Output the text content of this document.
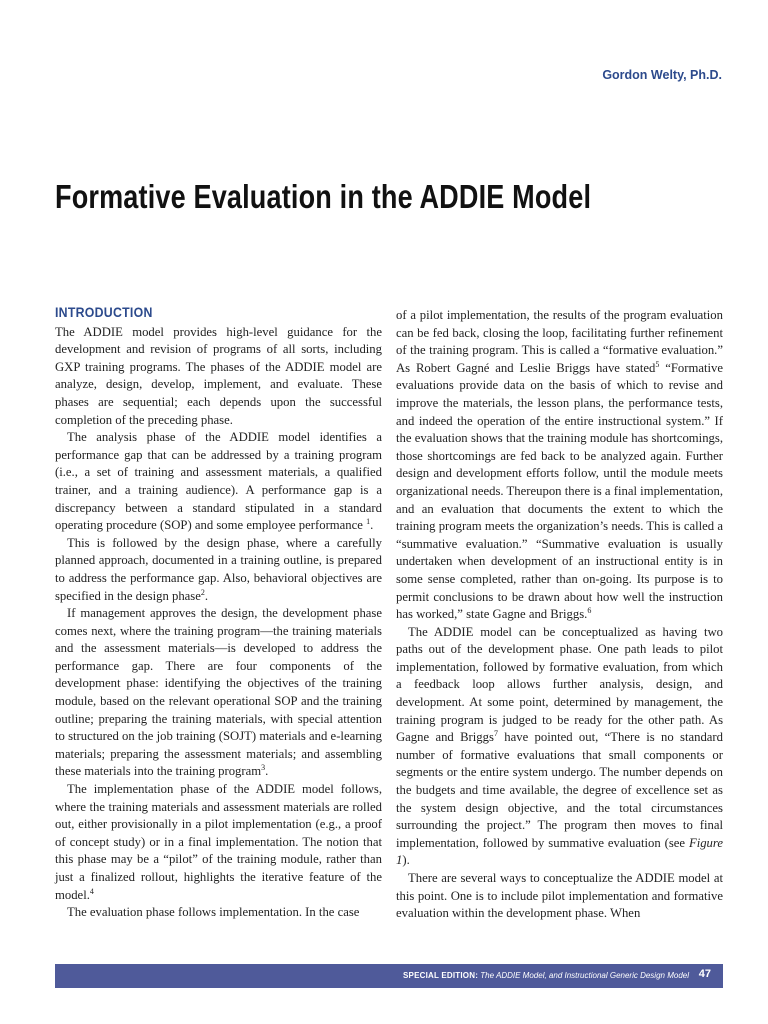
Gordon Welty, Ph.D.
Formative Evaluation in the ADDIE Model
INTRODUCTION

The ADDIE model provides high-level guidance for the development and revision of programs of all sorts, including GXP training programs. The phases of the ADDIE model are analyze, design, develop, implement, and evaluate. These phases are sequential; each depends upon the successful completion of the preceding phase.

The analysis phase of the ADDIE model identifies a performance gap that can be addressed by a training program (i.e., a set of training and assessment materials, a qualified trainer, and a training audience). A performance gap is a discrepancy between a standard stipulated in a standard operating procedure (SOP) and some employee performance $^1$.

This is followed by the design phase, where a carefully planned approach, documented in a training outline, is prepared to address the performance gap. Also, behavioral objectives are specified in the design phase$^2$.

If management approves the design, the development phase comes next, where the training program—the training materials and the assessment materials—is developed to address the performance gap. There are four components of the development phase: identifying the objectives of the training module, based on the relevant operational SOP and the training outline; preparing the training materials, with special attention to structured on the job training (SOJT) materials and e-learning materials; preparing the assessment materials; and assembling these materials into the training program$^3$.

The implementation phase of the ADDIE model follows, where the training materials and assessment materials are rolled out, either provisionally in a pilot implementation (e.g., a proof of concept study) or in a final implementation. The notion that this phase may be a “pilot” of the training module, rather than just a finalized rollout, highlights the iterative feature of the model.$^4$

The evaluation phase follows implementation. In the case

of a pilot implementation, the results of the program evaluation can be fed back, closing the loop, facilitating further refinement of the training program. This is called a “formative evaluation.” As Robert Gagné and Leslie Briggs have stated$^5$ “Formative evaluations provide data on the basis of which to revise and improve the materials, the lesson plans, the performance tests, and indeed the operation of the entire instructional system.” If the evaluation shows that the training module has shortcomings, those shortcomings are fed back to be analyzed again. Further design and development efforts follow, until the module meets organizational needs. Thereupon there is a final implementation, and an evaluation that documents the extent to which the training program meets the organization’s needs. This is called a “summative evaluation.” “Summative evaluation is usually undertaken when development of an instructional entity is in some sense completed, rather than on-going. Its purpose is to permit conclusions to be drawn about how well the instruction has worked,” state Gagne and Briggs.$^6$

The ADDIE model can be conceptualized as having two paths out of the development phase. One path leads to pilot implementation, followed by formative evaluation, from which a feedback loop allows further analysis, design, and development. At some point, determined by management, the training program is judged to be ready for the other path. As Gagne and Briggs$^7$ have pointed out, “There is no standard number of formative evaluations that small components or segments or the entire system undergo. The number depends on the budgets and time available, the degree of excellence set as the system design objective, and the total circumstances surrounding the project.” The program then moves to final implementation, followed by summative evaluation (see Figure 1).

There are several ways to conceptualize the ADDIE model at this point. One is to include pilot implementation and formative evaluation within the development phase. When

SPECIAL EDITION: The ADDIE Model, and Instructional Generic Design Model 47
